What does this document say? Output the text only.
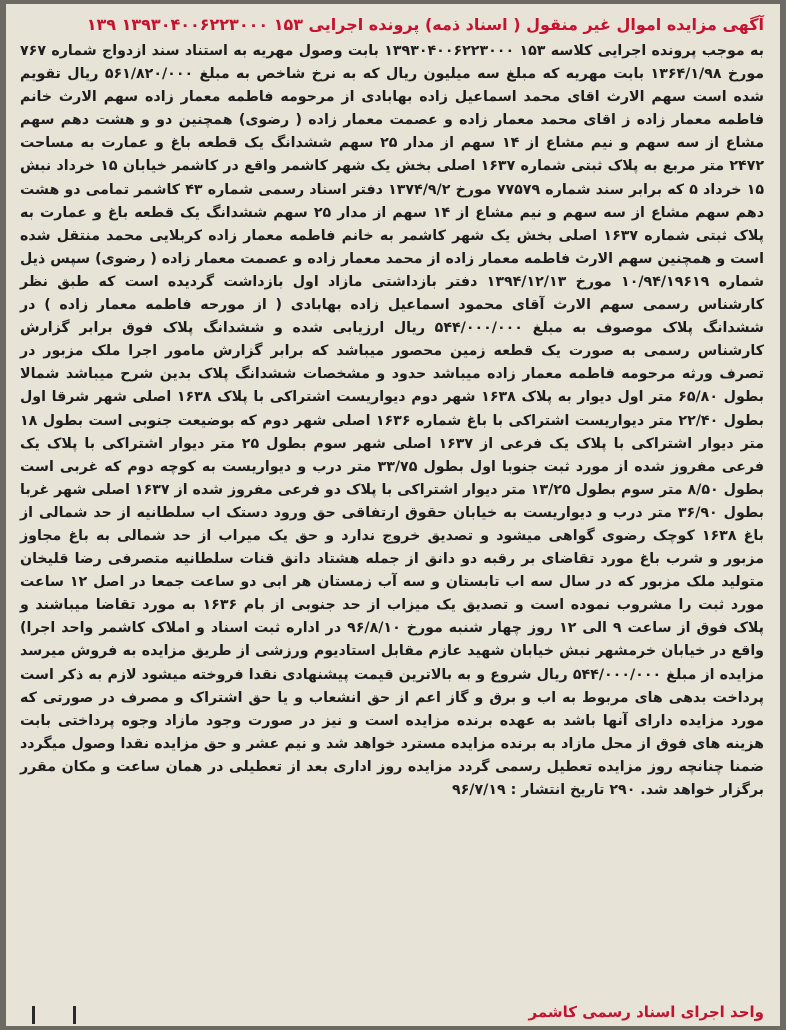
آگهی مزایده اموال غیر منقول ( اسناد ذمه) پرونده اجرایی ۱۵۳ ۱۳۹۳۰۴۰۰۶۲۲۳۰۰۰ ۱۳۹

به موجب پرونده اجرایی کلاسه ۱۵۳ ۱۳۹۳۰۴۰۰۶۲۲۳۰۰۰ بابت وصول مهریه به استناد سند ازدواج شماره ۷۶۷ مورخ ۱۳۶۴/۱/۹۸ بابت مهریه که مبلغ سه میلیون ریال که به نرخ شاخص به مبلغ ۵۶۱/۸۲۰/۰۰۰ ریال تقویم شده است سهم الارث اقای محمد اسماعیل زاده بهابادی از مرحومه فاطمه معمار زاده سهم الارث خانم فاطمه معمار زاده ز اقای محمد معمار زاده و عصمت معمار زاده ( رضوی) همچنین دو و هشت دهم سهم مشاع از سه سهم و نیم مشاع از ۱۴ سهم از مدار ۲۵ سهم ششدانگ یک قطعه باغ و عمارت به مساحت ۲۴۷۲ متر مربع به پلاک ثبتی شماره ۱۶۳۷ اصلی بخش یک شهر کاشمر واقع در کاشمر خیابان ۱۵ خرداد نبش ۱۵ خرداد ۵ که برابر سند شماره ۷۷۵۷۹ مورخ ۱۳۷۴/۹/۲ دفتر اسناد رسمی شماره ۴۳ کاشمر تمامی دو هشت دهم سهم مشاع از سه سهم و نیم مشاع از ۱۴ سهم از مدار ۲۵ سهم ششدانگ یک قطعه باغ و عمارت به پلاک ثبتی شماره ۱۶۳۷ اصلی بخش یک شهر کاشمر به خانم فاطمه معمار زاده کربلایی محمد منتقل شده است و همچنین سهم الارث فاطمه معمار زاده از محمد معمار زاده و عصمت معمار زاده ( رضوی) سپس ذیل شماره ۱۰/۹۴/۱۹۶۱۹ مورخ ۱۳۹۴/۱۲/۱۳ دفتر بازداشتی مازاد اول بازداشت گردیده است که طبق نظر کارشناس رسمی سهم الارث آقای محمود اسماعیل زاده بهابادی ( از مورحه فاطمه معمار زاده ) در ششدانگ پلاک موصوف به مبلغ ۵۴۴/۰۰۰/۰۰۰ ریال ارزیابی شده و ششدانگ پلاک فوق برابر گزارش کارشناس رسمی به صورت یک قطعه زمین محصور میباشد که برابر گزارش مامور اجرا ملک مزبور در تصرف ورثه مرحومه فاطمه معمار زاده میباشد حدود و مشخصات ششدانگ پلاک بدین شرح میباشد شمالا بطول ۶۵/۸۰ متر اول دیوار به پلاک ۱۶۳۸ شهر دوم دیواریست اشتراکی با پلاک ۱۶۳۸ اصلی شهر شرقا اول بطول ۲۲/۴۰ متر دیواریست اشتراکی با باغ شماره ۱۶۳۶ اصلی شهر دوم که بوضیعت جنوبی است بطول ۱۸ متر دیوار اشتراکی با پلاک یک فرعی از ۱۶۳۷ اصلی شهر سوم بطول ۲۵ متر دیوار اشتراکی با پلاک یک فرعی مفروز شده از مورد ثبت جنوبا اول بطول ۳۳/۷۵ متر درب و دیواریست به کوچه دوم که غربی است بطول ۸/۵۰ متر سوم بطول ۱۳/۲۵ متر دیوار اشتراکی با پلاک دو فرعی مفروز شده از ۱۶۳۷ اصلی شهر غربا بطول ۳۶/۹۰ متر درب و دیواریست به خیابان حقوق ارتفاقی حق ورود دستک اب سلطانیه از حد شمالی از باغ ۱۶۳۸ کوچک رضوی گواهی میشود و تصدیق خروج ندارد و حق یک میراب از حد شمالی به باغ مجاوز مزبور و شرب باغ مورد تقاضای بر رقبه دو دانق از جمله هشتاد دانق قنات سلطانیه متصرفی رضا قلیخان متولید ملک مزبور که در سال سه اب تابستان و سه آب زمستان هر ابی دو ساعت جمعا در اصل ۱۲ ساعت مورد ثبت را مشروب نموده است و تصدیق یک میزاب از حد جنوبی از بام ۱۶۳۶ به مورد تقاضا میباشند و پلاک فوق از ساعت ۹ الی ۱۲ روز چهار شنبه مورخ ۹۶/۸/۱۰ در اداره ثبت اسناد و املاک کاشمر واحد اجرا) واقع در خیابان خرمشهر نبش خیابان شهید عازم مقابل استادیوم ورزشی از طریق مزایده به فروش میرسد مزایده از مبلغ ۵۴۴/۰۰۰/۰۰۰ ریال شروع و به بالاترین قیمت پیشنهادی نقدا فروخته میشود لازم به ذکر است پرداخت بدهی های مربوط به اب و برق و گاز اعم از حق انشعاب و یا حق اشتراک و مصرف در صورتی که مورد مزایده دارای آنها باشد به عهده برنده مزایده است و نیز در صورت وجود مازاد وجوه پرداختی بابت هزینه های فوق از محل مازاد به برنده مزایده مسترد خواهد شد و نیم عشر و حق مزایده نقدا وصول میگردد ضمنا چنانچه روز مزایده تعطیل رسمی گردد مزایده روز اداری بعد از تعطیلی در همان ساعت و مکان مقرر برگزار خواهد شد. ۲۹۰ تاریخ انتشار : ۹۶/۷/۱۹

واحد اجرای اسناد رسمی کاشمر
